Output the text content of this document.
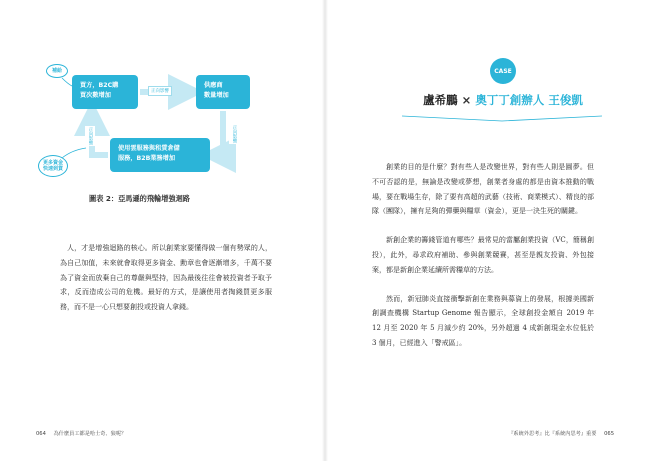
買方，B2C購
買次數增加
供應商
數量增加
使用雲服務與租賃倉儲
服務，B2B業務增加
正向影響
正向影響
正向影響
補給
更多資金
快速到貨
圖表 2：亞馬遜的飛輪增強迴路

人，才是增強迴路的核心。所以創業家要懂得做一個有勢眾的人，為自己加值，未來就會取得更多資金、勳章也會逐漸增多，千萬不要為了資金而放棄自己的尊嚴與堅持，因為最後往往會被投資者予取予求，反而造成公司的危機。最好的方式，是讓使用者掏錢買更多服務，而不是一心只想要創投或投資人拿錢。

064 為什麼員工都是哈士奇、狼呢？
CASE
盧希鵬 × 奧丁丁創辦人 王俊凱

創業的目的是什麼？對有些人是改變世界，對有些人則是圓夢。但不可否認的是，無論是改變或夢想，創業者身處的都是由資本推動的戰場，要在戰場生存，除了要有高超的武藝（技術、商業模式）、精良的部隊（團隊），擁有足夠的彈藥與糧草（資金），更是一決生死的關鍵。

新創企業的籌錢管道有哪些？最常見的當屬創業投資（VC，簡稱創投），此外，尋求政府補助、參與創業競賽，甚至是親友投資、外包接案，都是新創企業延續所需糧草的方法。

然而，新冠肺炎直接衝擊新創在業務與募資上的發展，根據美國新創調查機構 Startup Genome 報告顯示，全球創投金額自 2019 年 12 月至 2020 年 5 月減少約 20%，另外超過 4 成新創現金水位低於 3 個月，已經進入「警戒區」。

『系統外思考』比『系統內思考』重要 065
